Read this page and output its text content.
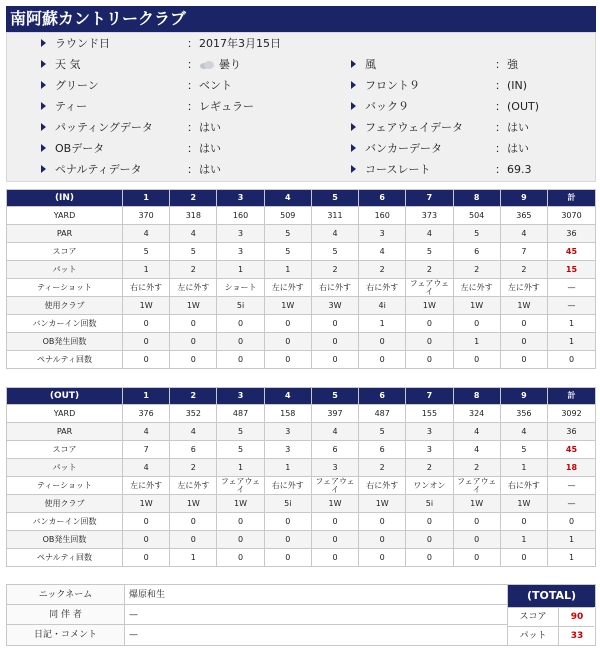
南阿蘇カントリークラブ
ラウンド日	： 2017年3月15日
天 気	：	曇り	風	： 強
グリーン	： ベント	フロント９	： (IN)
ティー	： レギュラー	バック９	： (OUT)
パッティングデータ	： はい	フェアウェイデータ	： はい
OBデータ	： はい	バンカーデータ	： はい
ペナルティデータ	： はい	コースレート	： 69.3
(IN)	1	2	3	4	5	6	7	8	9	計
YARD	370	318	160	509	311	160	373	504	365	3070
PAR	4	4	3	5	4	3	4	5	4	36
スコア	5	5	3	5	5	4	5	6	7	45
パット	1	2	1	1	2	2	2	2	2	15
ティーショット	右に外す	左に外す	ショート	左に外す	右に外す	右に外す	フェアウェイ	左に外す	左に外す	—
使用クラブ	1W	1W	5i	1W	3W	4i	1W	1W	1W	—
バンカーイン回数	0	0	0	0	0	1	0	0	0	1
OB発生回数	0	0	0	0	0	0	0	1	0	1
ペナルティ回数	0	0	0	0	0	0	0	0	0	0
(OUT)	1	2	3	4	5	6	7	8	9	計
YARD	376	352	487	158	397	487	155	324	356	3092
PAR	4	4	5	3	4	5	3	4	4	36
スコア	7	6	5	3	6	6	3	4	5	45
パット	4	2	1	1	3	2	2	2	1	18
ティーショット	左に外す	左に外す	フェアウェイ	右に外す	フェアウェイ	右に外す	ワンオン	フェアウェイ	右に外す	—
使用クラブ	1W	1W	1W	5i	1W	1W	5i	1W	1W	—
バンカーイン回数	0	0	0	0	0	0	0	0	0	0
OB発生回数	0	0	0	0	0	0	0	0	1	1
ペナルティ回数	0	1	0	0	0	0	0	0	0	1
ニックネーム	爆原和生
同 伴 者	—
日記・コメント	—
(TOTAL)
スコア	90
パット	33
